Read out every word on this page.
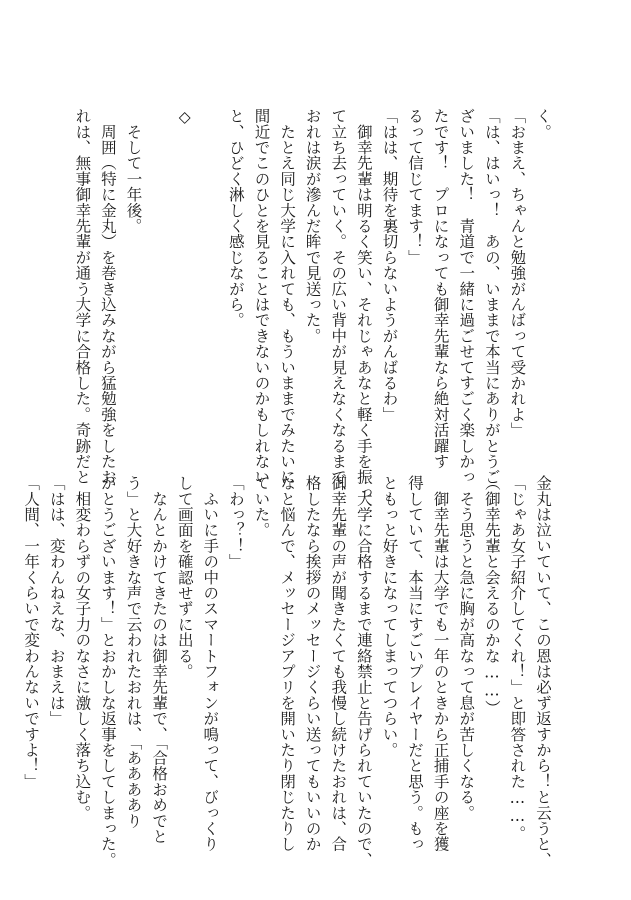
く。

「おまえ、ちゃんと勉強がんばって受かれよ」

「は、はいっ！　あの、いままで本当にありがとうご

ざいました！　青道で一緒に過ごせてすごく楽しかっ

たです！　プロになっても御幸先輩なら絶対活躍す

るって信じてます！」

「はは、期待を裏切らないようがんばるわ」

　御幸先輩は明るく笑い、それじゃあなと軽く手を振っ

て立ち去っていく。その広い背中が見えなくなるまで、

おれは涙が滲んだ眸で見送った。

　たとえ同じ大学に入れても、もういままでみたいに

間近でこのひとを見ることはできないのかもしれない

と、ひどく淋しく感じながら。

◇

　そして一年後。

　周囲（特に金丸）を巻き込みながら猛勉強をしたお

れは、無事御幸先輩が通う大学に合格した。奇跡だと

金丸は泣いていて、この恩は必ず返すから！と云うと、

「じゃあ女子紹介してくれ！」と即答された……。

（御幸先輩と会えるのかな……）

　そう思うと急に胸が高なって息が苦しくなる。

　御幸先輩は大学でも一年のときから正捕手の座を獲

得していて、本当にすごいプレイヤーだと思う。もっ

ともっと好きになってしまってつらい。

　大学に合格するまで連絡禁止と告げられていたので、

御幸先輩の声が聞きたくても我慢し続けたおれは、合

格したなら挨拶のメッセージくらい送ってもいいのか

なと悩んで、メッセージアプリを開いたり閉じたりし

ていた。

「わっ？！」

　ふいに手の中のスマートフォンが鳴って、びっくり

して画面を確認せずに出る。

　なんとかけてきたのは御幸先輩で、「合格おめでと

う」と大好きな声で云われたおれは、「ああああり

がとうございます！」とおかしな返事をしてしまった。

　相変わらずの女子力のなさに激しく落ち込む。

「はは、変わんねえな、おまえは」

「人間、一年くらいで変わんないですよ！」
